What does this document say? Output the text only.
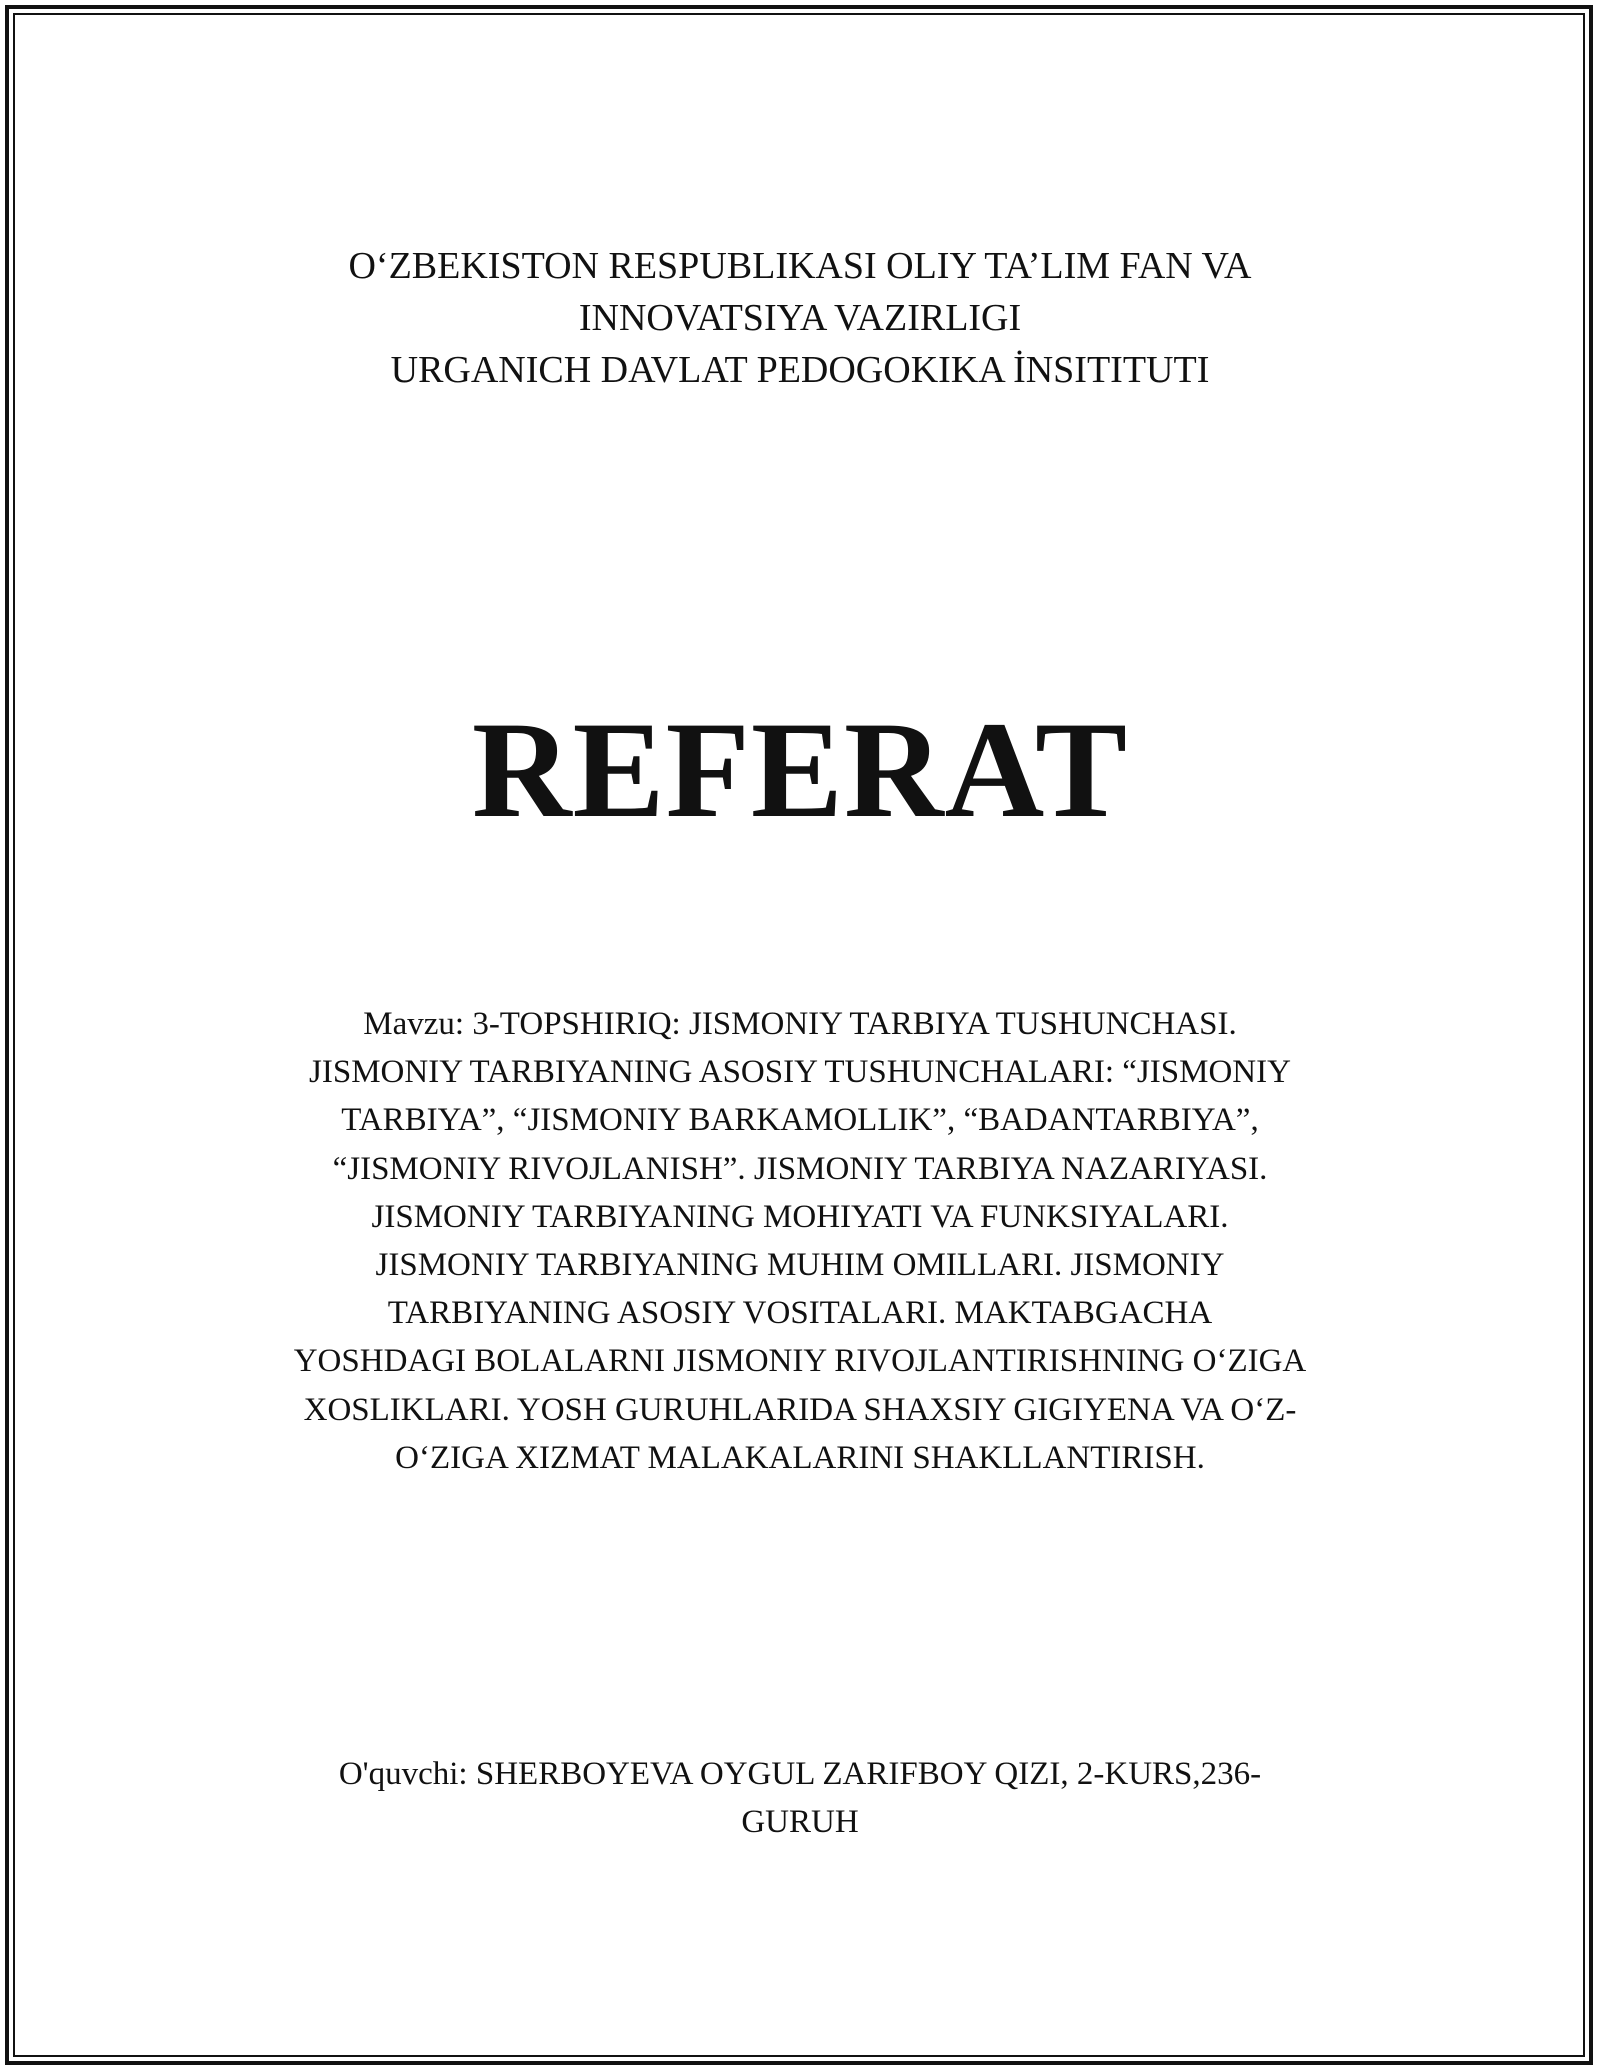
O‘ZBEKISTON RESPUBLIKASI OLIY TA’LIM FAN VA
INNOVATSIYA VAZIRLIGI
URGANICH DAVLAT PEDOGOKIKA İNSITITUTI
REFERAT
Mavzu: 3-TOPSHIRIQ: JISMONIY TARBIYA TUSHUNCHASI.
JISMONIY TARBIYANING ASOSIY TUSHUNCHALARI: “JISMONIY
TARBIYA”, “JISMONIY BARKAMOLLIK”, “BADANTARBIYA”,
“JISMONIY RIVOJLANISH”. JISMONIY TARBIYA NAZARIYASI.
JISMONIY TARBIYANING MOHIYATI VA FUNKSIYALARI.
JISMONIY TARBIYANING MUHIM OMILLARI. JISMONIY
TARBIYANING ASOSIY VOSITALARI. MAKTABGACHA
YOSHDAGI BOLALARNI JISMONIY RIVOJLANTIRISHNING O‘ZIGA
XOSLIKLARI. YOSH GURUHLARIDA SHAXSIY GIGIYENA VA O‘Z-
O‘ZIGA XIZMAT MALAKALARINI SHAKLLANTIRISH.
O'quvchi: SHERBOYEVA OYGUL ZARIFBOY QIZI, 2-KURS,236-
GURUH
